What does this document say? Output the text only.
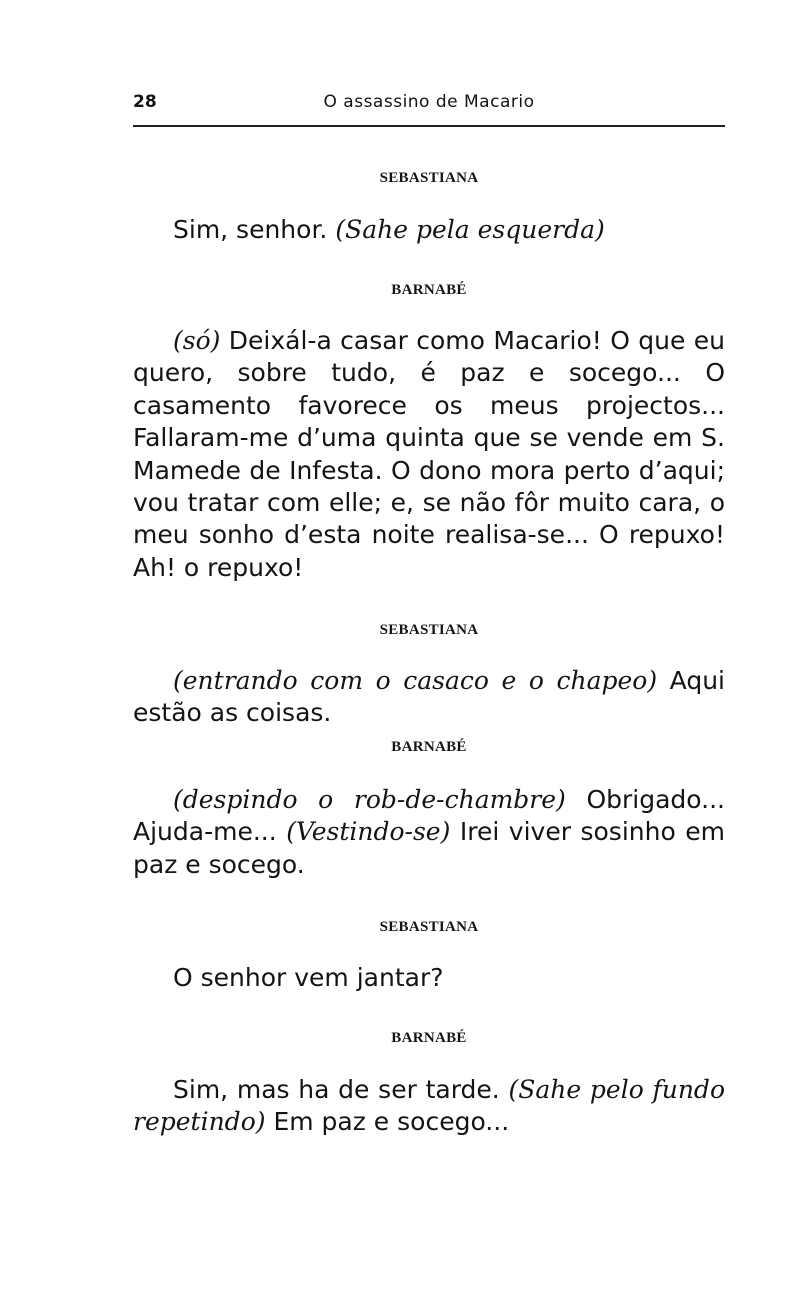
28	O assassino de Macario
SEBASTIANA

Sim, senhor. (Sahe pela esquerda)

BARNABÉ

(só) Deixál-a casar como Macario! O que eu quero, sobre tudo, é paz e socego... O casamento favorece os meus projectos... Fallaram-me d’uma quinta que se vende em S. Mamede de Infesta. O dono mora perto d’aqui; vou tratar com elle; e, se não fôr muito cara, o meu sonho d’esta noite realisa-se... O repuxo! Ah! o repuxo!

SEBASTIANA

(entrando com o casaco e o chapeo) Aqui estão as coisas.

BARNABÉ

(despindo o rob-de-chambre) Obrigado... Ajuda-me... (Vestindo-se) Irei viver sosinho em paz e socego.

SEBASTIANA

O senhor vem jantar?

BARNABÉ

Sim, mas ha de ser tarde. (Sahe pelo fundo repetindo) Em paz e socego...
